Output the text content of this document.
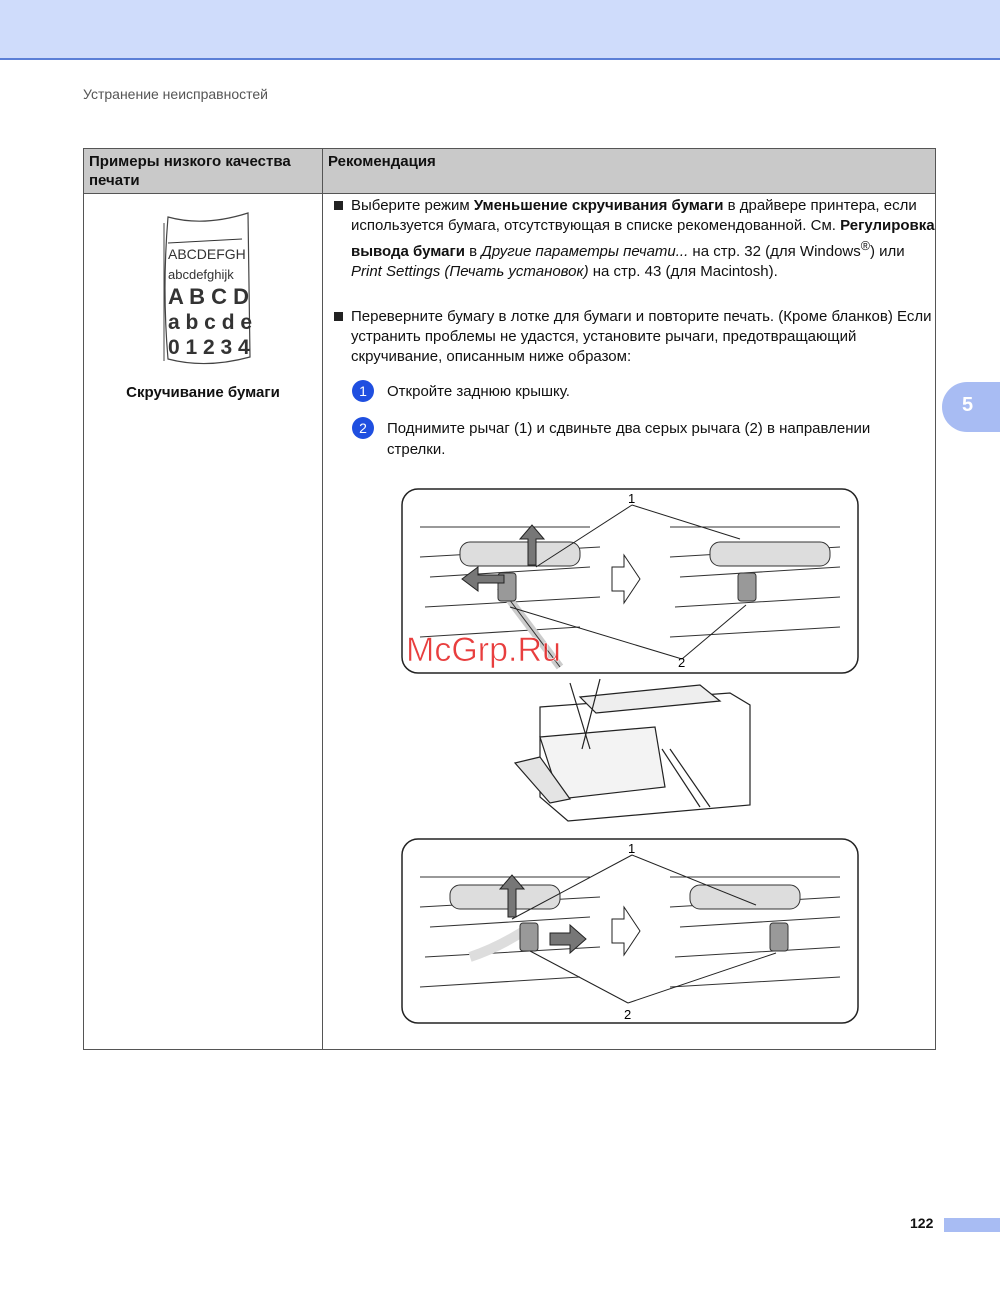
Устранение неисправностей
5
Примеры низкого качества печати
Рекомендация
ABCDEFGH
abcdefghijk
A B C D
a b c d e
0 1 2 3 4
Скручивание бумаги
Выберите режим Уменьшение скручивания бумаги в драйвере принтера, если используется бумага, отсутствующая в списке рекомендованной. См. Регулировка вывода бумаги в Другие параметры печати... на стр. 32 (для Windows®) или Print Settings (Печать установок) на стр. 43 (для Macintosh).
Переверните бумагу в лотке для бумаги и повторите печать. (Кроме бланков) Если устранить проблемы не удастся, установите рычаги, предотвращающий скручивание, описанным ниже образом:
1	Откройте заднюю крышку.
2	Поднимите рычаг (1) и сдвиньте два серых рычага (2) в направлении стрелки.
1
2
1
2
McGrp.Ru
122
